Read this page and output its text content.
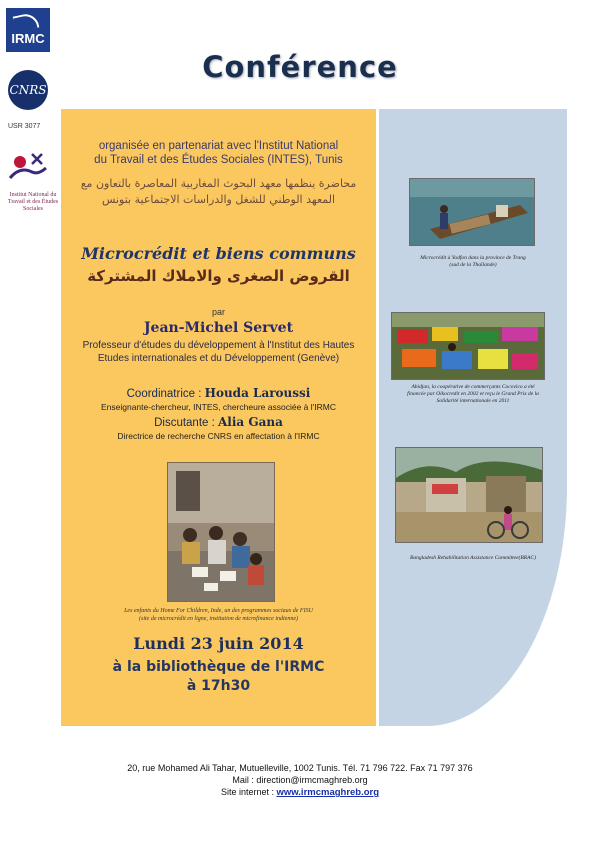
IRMC
CNRS
USR 3077
Institut National du Travail et des Études Sociales
Conférence
organisée en partenariat avec l'Institut National
du Travail et des Études Sociales (INTES), Tunis
محاضرة ينظمها معهد البحوث المغاربية المعاصرة بالتعاون مع
المعهد الوطني للشغل والدراسات الاجتماعية بتونس
Microcrédit et biens communs
القروض الصغرى والاملاك المشتركة
par
Jean-Michel Servet
Professeur d'études du développement à l'Institut des Hautes
Etudes internationales et du Développement (Genève)
Coordinatrice : Houda Laroussi
Enseignante-chercheur, INTES, chercheure associée à l'IRMC
Discutante : Alia Gana
Directrice de recherche CNRS en affectation à l'IRMC
Les enfants du Home For Children, Inde, un des programmes sociaux de FISU
(site de microcrédit en ligne, institution de microfinance indienne)
Lundi 23 juin 2014
à la bibliothèque de l'IRMC
à 17h30
Microcrédit à Yodfon dans la province de Trang
(sud de la Thaïlande)
Abidjan, la coopérative de commerçants Cocovico a été
financée par Oikocredit en 2002 et reçu le Grand Prix de la
Solidarité internationale en 2011
Bangladesh Rehabilitation Assistance Committee(BRAC)
20, rue Mohamed Ali Tahar, Mutuelleville, 1002 Tunis. Tél. 71 796 722. Fax 71 797 376
Mail : direction@irmcmaghreb.org
Site internet : www.irmcmaghreb.org
